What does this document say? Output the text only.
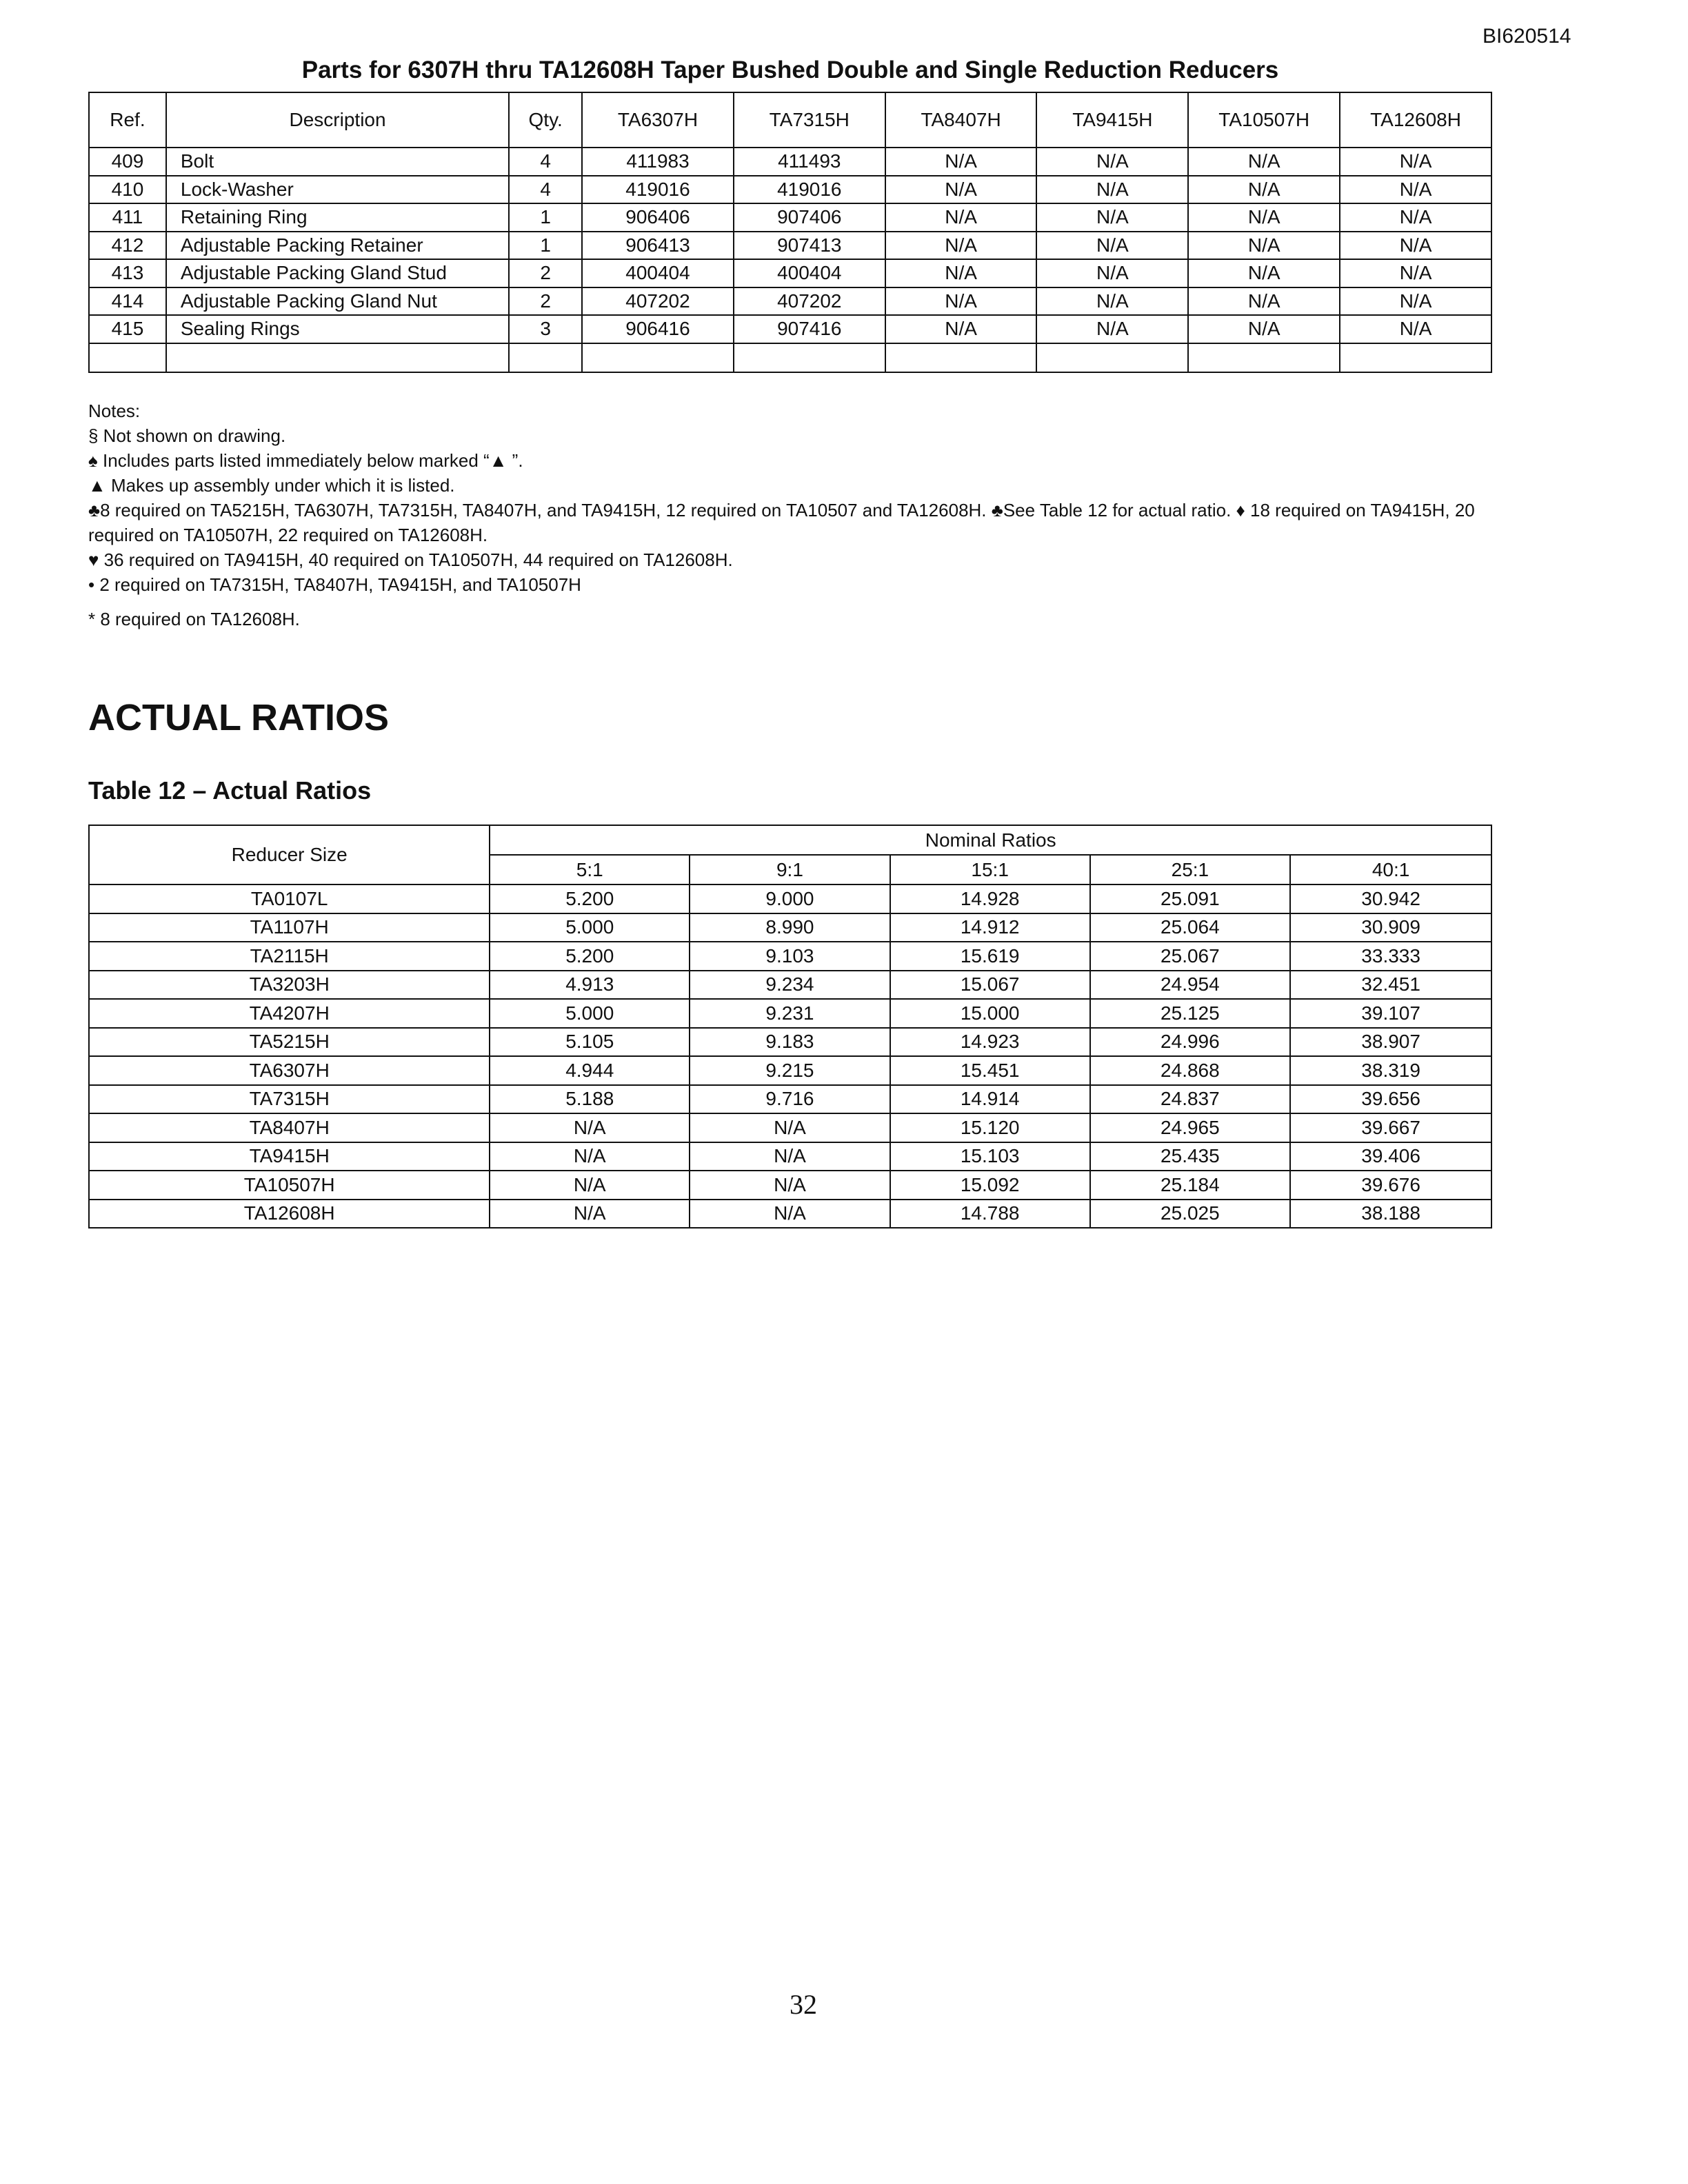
BI620514
Parts for 6307H thru TA12608H Taper Bushed Double and Single Reduction Reducers
Ref.	Description	Qty.	TA6307H	TA7315H	TA8407H	TA9415H	TA10507H	TA12608H
409	Bolt	4	411983	411493	N/A	N/A	N/A	N/A
410	Lock-Washer	4	419016	419016	N/A	N/A	N/A	N/A
411	Retaining Ring	1	906406	907406	N/A	N/A	N/A	N/A
412	Adjustable Packing Retainer	1	906413	907413	N/A	N/A	N/A	N/A
413	Adjustable Packing Gland Stud	2	400404	400404	N/A	N/A	N/A	N/A
414	Adjustable Packing Gland Nut	2	407202	407202	N/A	N/A	N/A	N/A
415	Sealing Rings	3	906416	907416	N/A	N/A	N/A	N/A

Notes:
§ Not shown on drawing.
♠ Includes parts listed immediately below marked “▲ ”.
▲ Makes up assembly under which it is listed.
♣8 required on TA5215H, TA6307H, TA7315H, TA8407H, and TA9415H, 12 required on TA10507 and TA12608H. ♣See Table 12 for actual ratio. ♦ 18 required on TA9415H, 20 required on TA10507H, 22 required on TA12608H.
♥ 36 required on TA9415H, 40 required on TA10507H, 44 required on TA12608H.
• 2 required on TA7315H, TA8407H, TA9415H, and TA10507H
* 8 required on TA12608H.
ACTUAL RATIOS
Table 12 – Actual Ratios
Reducer Size	Nominal Ratios				
	5:1	9:1	15:1	25:1	40:1
TA0107L	5.200	9.000	14.928	25.091	30.942
TA1107H	5.000	8.990	14.912	25.064	30.909
TA2115H	5.200	9.103	15.619	25.067	33.333
TA3203H	4.913	9.234	15.067	24.954	32.451
TA4207H	5.000	9.231	15.000	25.125	39.107
TA5215H	5.105	9.183	14.923	24.996	38.907
TA6307H	4.944	9.215	15.451	24.868	38.319
TA7315H	5.188	9.716	14.914	24.837	39.656
TA8407H	N/A	N/A	15.120	24.965	39.667
TA9415H	N/A	N/A	15.103	25.435	39.406
TA10507H	N/A	N/A	15.092	25.184	39.676
TA12608H	N/A	N/A	14.788	25.025	38.188
32
